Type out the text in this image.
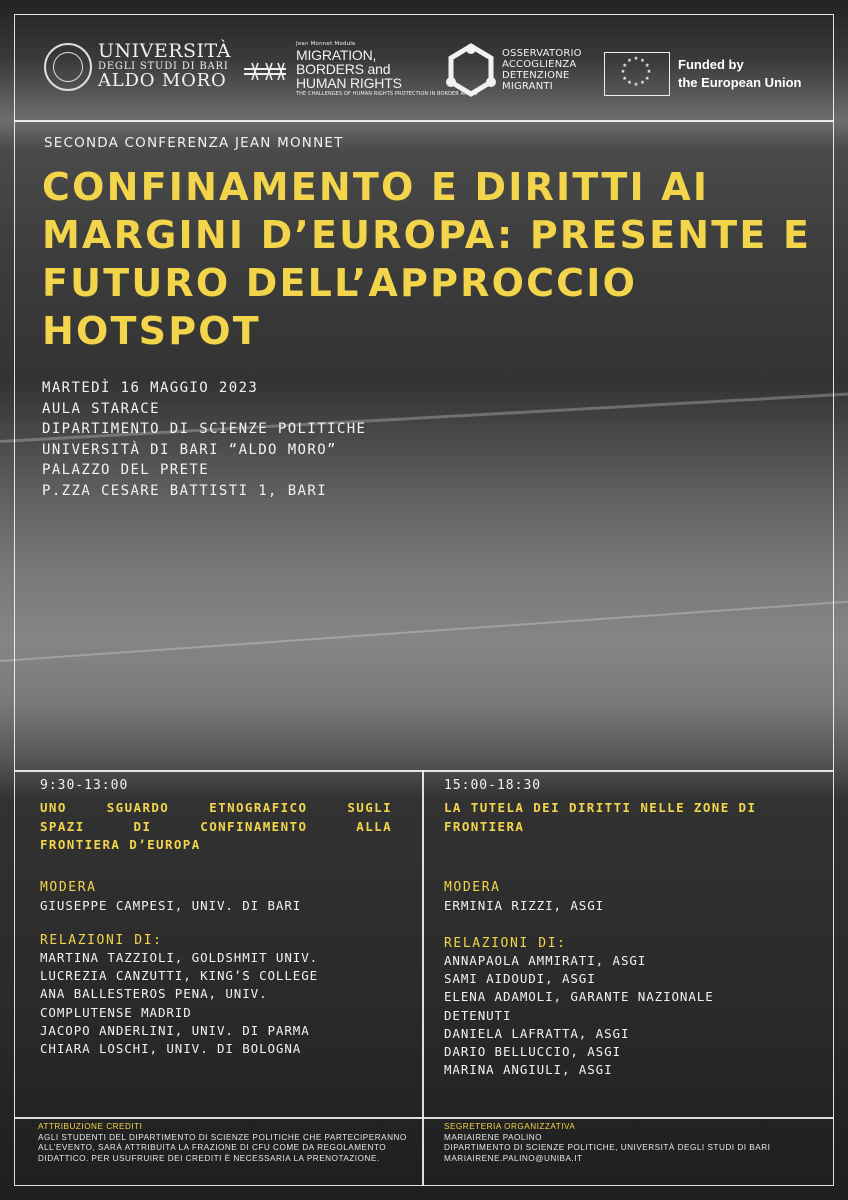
UNIVERSITÀ
DEGLI STUDI DI BARI
ALDO MORO
Jean Monnet Module
MIGRATION,
BORDERS and
HUMAN RIGHTS
THE CHALLENGES OF HUMAN RIGHTS PROTECTION IN BORDER AREAS
OSSERVATORIO
ACCOGLIENZA
DETENZIONE
MIGRANTI
★
★
★
★
★
★
★
★
★ ★ ★
★ Funded by
the European Union
SECONDA CONFERENZA JEAN MONNET
CONFINAMENTO E DIRITTI AI
MARGINI D’EUROPA: PRESENTE E
FUTURO DELL’APPROCCIO
HOTSPOT
MARTEDÌ 16 MAGGIO 2023
AULA STARACE
DIPARTIMENTO DI SCIENZE POLITICHE
UNIVERSITÀ DI BARI “ALDO MORO”
PALAZZO DEL PRETE
P.ZZA CESARE BATTISTI 1, BARI
9:30-13:00
UNO SGUARDO ETNOGRAFICO SUGLI
SPAZI DI CONFINAMENTO ALLA
FRONTIERA D’EUROPA
MODERA
GIUSEPPE CAMPESI, UNIV. DI BARI
RELAZIONI DI:
MARTINA TAZZIOLI, GOLDSHMIT UNIV.
LUCREZIA CANZUTTI, KING’S COLLEGE
ANA BALLESTEROS PENA, UNIV.
COMPLUTENSE MADRID
JACOPO ANDERLINI, UNIV. DI PARMA
CHIARA LOSCHI, UNIV. DI BOLOGNA
15:00-18:30
LA TUTELA DEI DIRITTI NELLE ZONE DI
FRONTIERA
MODERA
ERMINIA RIZZI, ASGI
RELAZIONI DI:
ANNAPAOLA AMMIRATI, ASGI
SAMI AIDOUDI, ASGI
ELENA ADAMOLI, GARANTE NAZIONALE
DETENUTI
DANIELA LAFRATTA, ASGI
DARIO BELLUCCIO, ASGI
MARINA ANGIULI, ASGI
ATTRIBUZIONE CREDITI
AGLI STUDENTI DEL DIPARTIMENTO DI SCIENZE POLITICHE CHE PARTECIPERANNO
ALL’EVENTO, SARÀ ATTRIBUITA LA FRAZIONE DI CFU COME DA REGOLAMENTO
DIDATTICO. PER USUFRUIRE DEI CREDITI È NECESSARIA LA PRENOTAZIONE.
SEGRETERIA ORGANIZZATIVA
MARIAIRENE PAOLINO
DIPARTIMENTO DI SCIENZE POLITICHE, UNIVERSITÀ DEGLI STUDI DI BARI
MARIAIRENE.PALINO@UNIBA.IT
